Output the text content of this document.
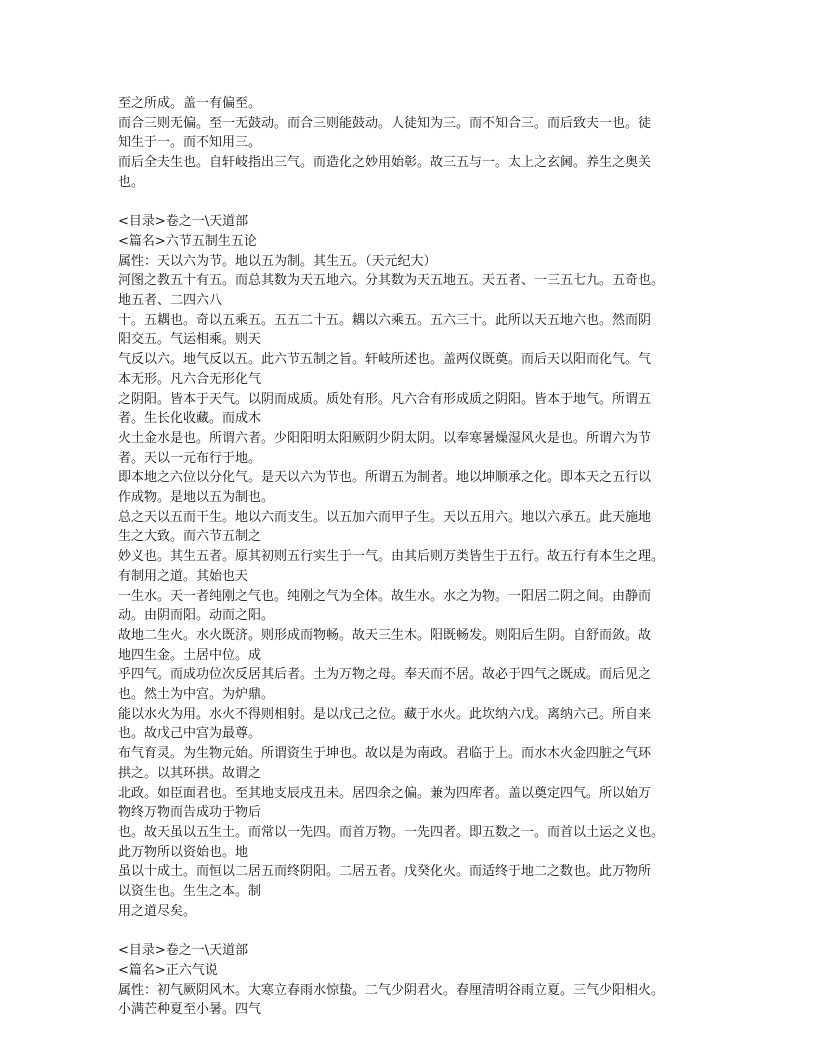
至之所成。盖一有偏至。
而合三则无偏。至一无鼓动。而合三则能鼓动。人徒知为三。而不知合三。而后致夫一也。徒
知生于一。而不知用三。
而后全夫生也。自轩岐指出三气。而造化之妙用始彰。故三五与一。太上之玄阃。养生之奥关
也。
<目录>卷之一\天道部
<篇名>六节五制生五论
属性：天以六为节。地以五为制。其生五。（天元纪大）
河图之教五十有五。而总其数为天五地六。分其数为天五地五。天五者、一三五七九。五奇也。
地五者、二四六八
十。五耦也。奇以五乘五。五五二十五。耦以六乘五。五六三十。此所以天五地六也。然而阴
阳交五。气运相乘。则天
气反以六。地气反以五。此六节五制之旨。轩岐所述也。盖两仪既奠。而后天以阳而化气。气
本无形。凡六合无形化气
之阴阳。皆本于天气。以阴而成质。质处有形。凡六合有形成质之阴阳。皆本于地气。所谓五
者。生长化收藏。而成木
火土金水是也。所谓六者。少阳阳明太阳厥阴少阴太阴。以奉寒暑燥湿风火是也。所谓六为节
者。天以一元布行于地。
即本地之六位以分化气。是天以六为节也。所谓五为制者。地以坤顺承之化。即本天之五行以
作成物。是地以五为制也。
总之天以五而干生。地以六而支生。以五加六而甲子生。天以五用六。地以六承五。此天施地
生之大致。而六节五制之
妙义也。其生五者。原其初则五行实生于一气。由其后则万类皆生于五行。故五行有本生之理。
有制用之道。其始也天
一生水。天一者纯刚之气也。纯刚之气为全体。故生水。水之为物。一阳居二阴之间。由静而
动。由阴而阳。动而之阳。
故地二生火。水火既济。则形成而物畅。故天三生木。阳既畅发。则阳后生阴。自舒而敛。故
地四生金。土居中位。成
乎四气。而成功位次反居其后者。土为万物之母。奉天而不居。故必于四气之既成。而后见之
也。然土为中宫。为炉鼎。
能以水火为用。水火不得则相射。是以戊己之位。藏于水火。此坎纳六戊。离纳六己。所自来
也。故戊己中宫为最尊。
布气育灵。为生物元始。所谓资生于坤也。故以是为南政。君临于上。而水木火金四脏之气环
拱之。以其环拱。故谓之
北政。如臣面君也。至其地支辰戌丑未。居四余之偏。兼为四库者。盖以奠定四气。所以始万
物终万物而告成功于物后
也。故天虽以五生土。而常以一先四。而首万物。一先四者。即五数之一。而首以土运之义也。
此万物所以资始也。地
虽以十成土。而恒以二居五而终阴阳。二居五者。戊癸化火。而适终于地二之数也。此万物所
以资生也。生生之本。制
用之道尽矣。
<目录>卷之一\天道部
<篇名>正六气说
属性：初气厥阴风木。大寒立春雨水惊蛰。二气少阴君火。春厘清明谷雨立夏。三气少阳相火。
小满芒种夏至小暑。四气
